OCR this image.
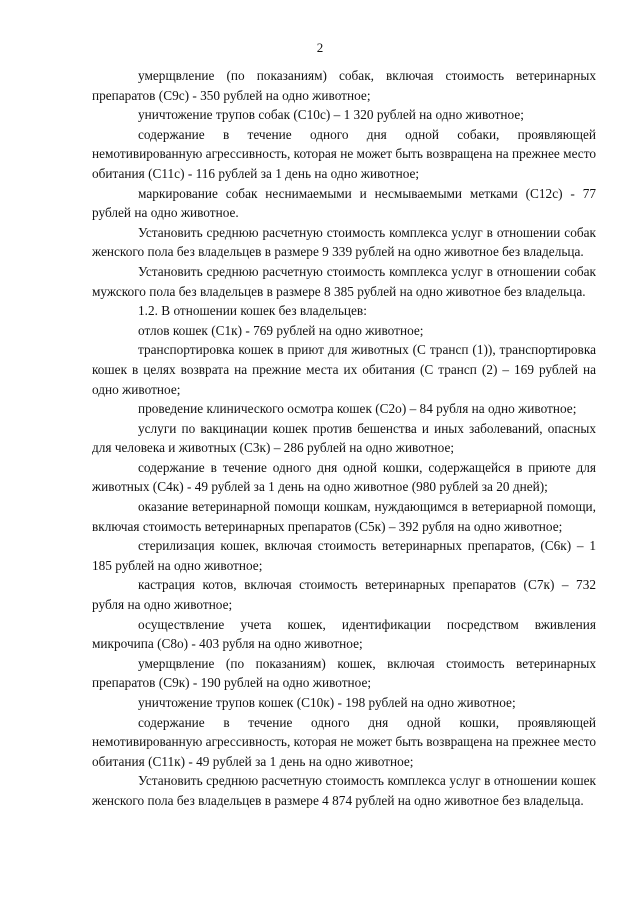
2

умерщвление (по показаниям) собак, включая стоимость ветеринарных препаратов (С9с) - 350 рублей на одно животное;

уничтожение трупов собак (С10с) – 1 320 рублей на одно животное;

содержание в течение одного дня одной собаки, проявляющей немотивированную агрессивность, которая не может быть возвращена на прежнее место обитания (С11с) - 116 рублей за 1 день на одно животное;

маркирование собак неснимаемыми и несмываемыми метками (С12с) - 77 рублей на одно животное.

Установить среднюю расчетную стоимость комплекса услуг в отношении собак женского пола без владельцев в размере 9 339 рублей на одно животное без владельца.

Установить среднюю расчетную стоимость комплекса услуг в отношении собак мужского пола без владельцев в размере 8 385 рублей на одно животное без владельца.

1.2. В отношении кошек без владельцев:

отлов кошек (С1к) - 769 рублей на одно животное;

транспортировка кошек в приют для животных (С трансп (1)), транспортировка кошек в целях возврата на прежние места их обитания (С трансп (2) – 169 рублей на одно животное;

проведение клинического осмотра кошек (С2о) – 84 рубля на одно животное;

услуги по вакцинации кошек против бешенства и иных заболеваний, опасных для человека и животных (С3к) – 286 рублей на одно животное;

содержание в течение одного дня одной кошки, содержащейся в приюте для животных (С4к) - 49 рублей за 1 день на одно животное (980 рублей за 20 дней);

оказание ветеринарной помощи кошкам, нуждающимся в ветериарной помощи, включая стоимость ветеринарных препаратов (С5к) – 392 рубля на одно животное;

стерилизация кошек, включая стоимость ветеринарных препаратов, (С6к) – 1 185 рублей на одно животное;

кастрация котов, включая стоимость ветеринарных препаратов (С7к) – 732 рубля на одно животное;

осуществление учета кошек, идентификации посредством вживления микрочипа (С8о) - 403 рубля на одно животное;

умерщвление (по показаниям) кошек, включая стоимость ветеринарных препаратов (С9к) - 190 рублей на одно животное;

уничтожение трупов кошек (С10к) - 198 рублей на одно животное;

содержание в течение одного дня одной кошки, проявляющей немотивированную агрессивность, которая не может быть возвращена на прежнее место обитания (С11к) - 49 рублей за 1 день на одно животное;

Установить среднюю расчетную стоимость комплекса услуг в отношении кошек женского пола без владельцев в размере 4 874 рублей на одно животное без владельца.
